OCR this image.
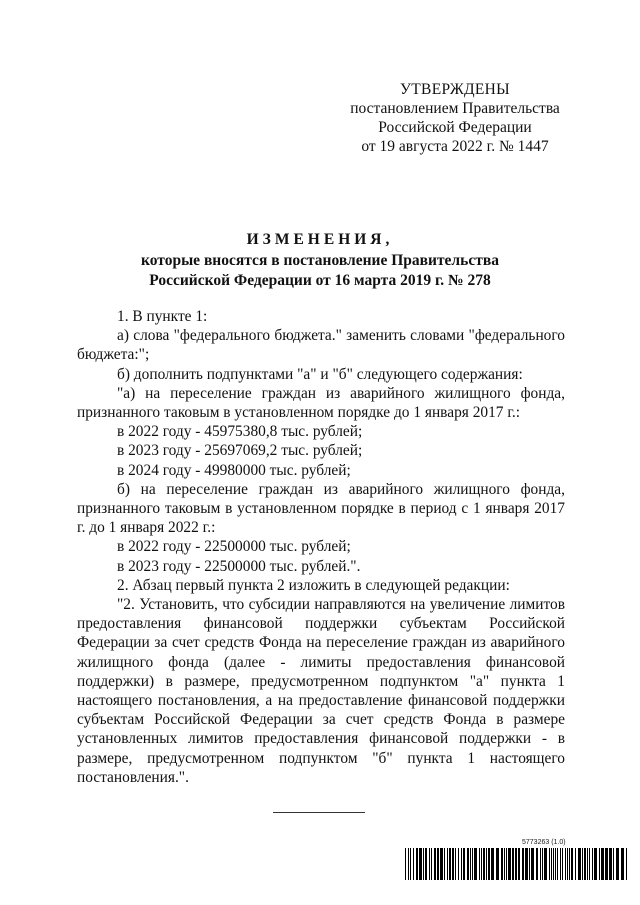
УТВЕРЖДЕНЫ
постановлением Правительства
Российской Федерации
от 19 августа 2022 г. № 1447
ИЗМЕНЕНИЯ,
которые вносятся в постановление Правительства
Российской Федерации от 16 марта 2019 г. № 278

1. В пункте 1:

а) слова "федерального бюджета." заменить словами "федерального бюджета:";

б) дополнить подпунктами "а" и "б" следующего содержания:

"а) на переселение граждан из аварийного жилищного фонда, признанного таковым в установленном порядке до 1 января 2017 г.:

в 2022 году - 45975380,8 тыс. рублей;

в 2023 году - 25697069,2 тыс. рублей;

в 2024 году - 49980000 тыс. рублей;

б) на переселение граждан из аварийного жилищного фонда, признанного таковым в установленном порядке в период с 1 января 2017 г. до 1 января 2022 г.:

в 2022 году - 22500000 тыс. рублей;

в 2023 году - 22500000 тыс. рублей.".

2. Абзац первый пункта 2 изложить в следующей редакции:

"2. Установить, что субсидии направляются на увеличение лимитов предоставления финансовой поддержки субъектам Российской Федерации за счет средств Фонда на переселение граждан из аварийного жилищного фонда (далее - лимиты предоставления финансовой поддержки) в размере, предусмотренном подпунктом "а" пункта 1 настоящего постановления, а на предоставление финансовой поддержки субъектам Российской Федерации за счет средств Фонда в размере установленных лимитов предоставления финансовой поддержки - в размере, предусмотренном подпунктом "б" пункта 1 настоящего постановления.".

5773263 (1.0)
